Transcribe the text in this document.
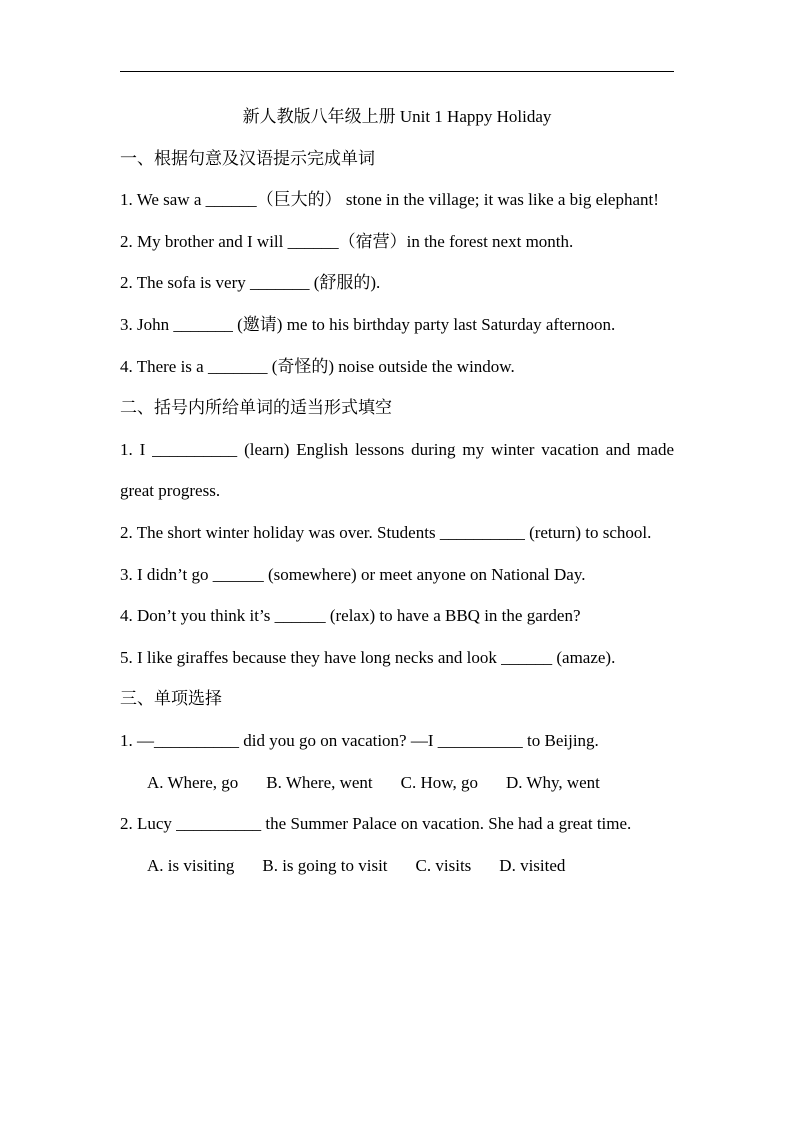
新人教版八年级上册 Unit 1 Happy Holiday
一、根据句意及汉语提示完成单词
1. We saw a ______（巨大的） stone in the village; it was like a big elephant!
2. My brother and I will ______（宿营）in the forest next month.
2. The sofa is very _______ (舒服的).
3. John _______ (邀请) me to his birthday party last Saturday afternoon.
4. There is a _______ (奇怪的) noise outside the window.
二、括号内所给单词的适当形式填空
1. I __________ (learn) English lessons during my winter vacation and made great progress.
2. The short winter holiday was over. Students __________ (return) to school.
3. I didn’t go ______ (somewhere) or meet anyone on National Day.
4. Don’t you think it’s ______ (relax) to have a BBQ in the garden?
5. I like giraffes because they have long necks and look ______ (amaze).
三、单项选择
1. —__________ did you go on vacation? —I __________ to Beijing.
A. Where, go B. Where, went C. How, go D. Why, went
2. Lucy __________ the Summer Palace on vacation. She had a great time.
A. is visiting B. is going to visit C. visits D. visited
